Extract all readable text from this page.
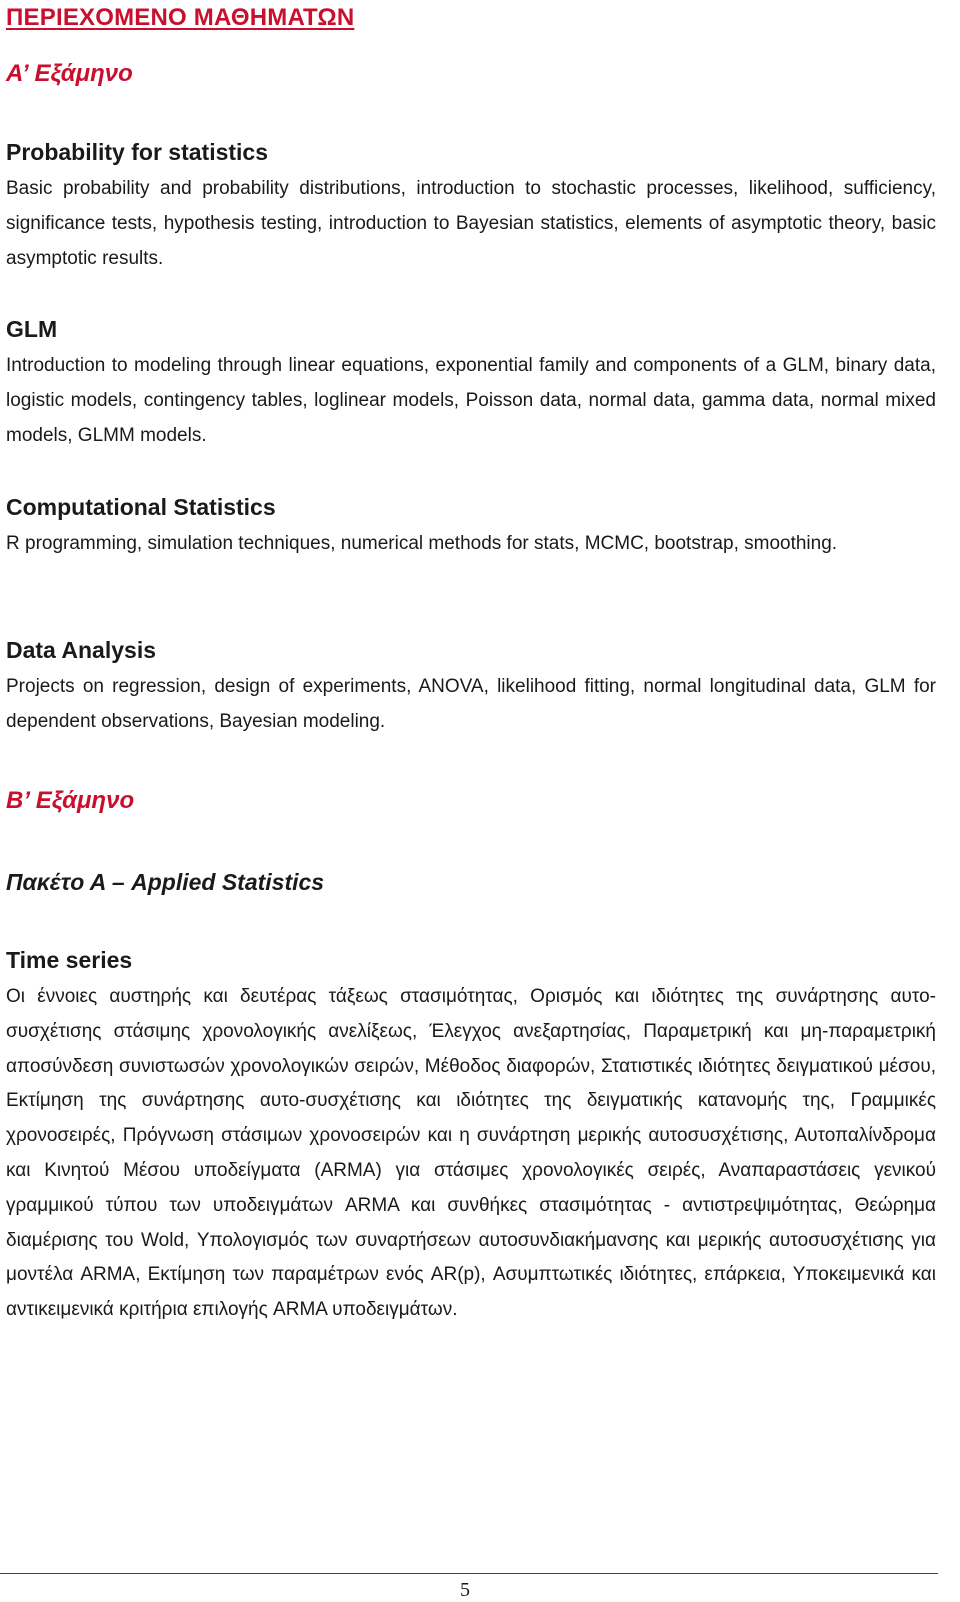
ΠΕΡΙΕΧΟΜΕΝΟ ΜΑΘΗΜΑΤΩΝ
Α’ Εξάμηνο
Probability for statistics

Basic probability and probability distributions, introduction to stochastic processes, likelihood, sufficiency, significance tests, hypothesis testing, introduction to Bayesian statistics, elements of asymptotic theory, basic asymptotic results.

GLM

Introduction to modeling through linear equations, exponential family and components of a GLM, binary data, logistic models, contingency tables, loglinear models, Poisson data, normal data, gamma data, normal mixed models, GLMM models.

Computational Statistics

R programming, simulation techniques, numerical methods for stats, MCMC, bootstrap, smoothing.

Data Analysis

Projects on regression, design of experiments, ANOVA, likelihood fitting, normal longitudinal data, GLM for dependent observations, Bayesian modeling.

Β’ Εξάμηνο
Πακέτο Α – Applied Statistics
Time series

Οι έννοιες αυστηρής και δευτέρας τάξεως στασιμότητας, Ορισμός και ιδιότητες της συνάρτησης αυτο-συσχέτισης στάσιμης χρονολογικής ανελίξεως, Έλεγχος ανεξαρτησίας, Παραμετρική και μη-παραμετρική αποσύνδεση συνιστωσών χρονολογικών σειρών, Μέθοδος διαφορών, Στατιστικές ιδιότητες δειγματικού μέσου, Εκτίμηση της συνάρτησης αυτο-συσχέτισης και ιδιότητες της δειγματικής κατανομής της, Γραμμικές χρονοσειρές, Πρόγνωση στάσιμων χρονοσειρών και η συνάρτηση μερικής αυτοσυσχέτισης, Αυτοπαλίνδρομα και Κινητού Μέσου υποδείγματα (ARMA) για στάσιμες χρονολογικές σειρές, Αναπαραστάσεις γενικού γραμμικού τύπου των υποδειγμάτων ARMA και συνθήκες στασιμότητας - αντιστρεψιμότητας, Θεώρημα διαμέρισης του Wold, Υπολογισμός των συναρτήσεων αυτοσυνδιακήμανσης και μερικής αυτοσυσχέτισης για μοντέλα ARMA, Εκτίμηση των παραμέτρων ενός AR(p), Ασυμπτωτικές ιδιότητες, επάρκεια, Υποκειμενικά και αντικειμενικά κριτήρια επιλογής ARMA υποδειγμάτων.

5
